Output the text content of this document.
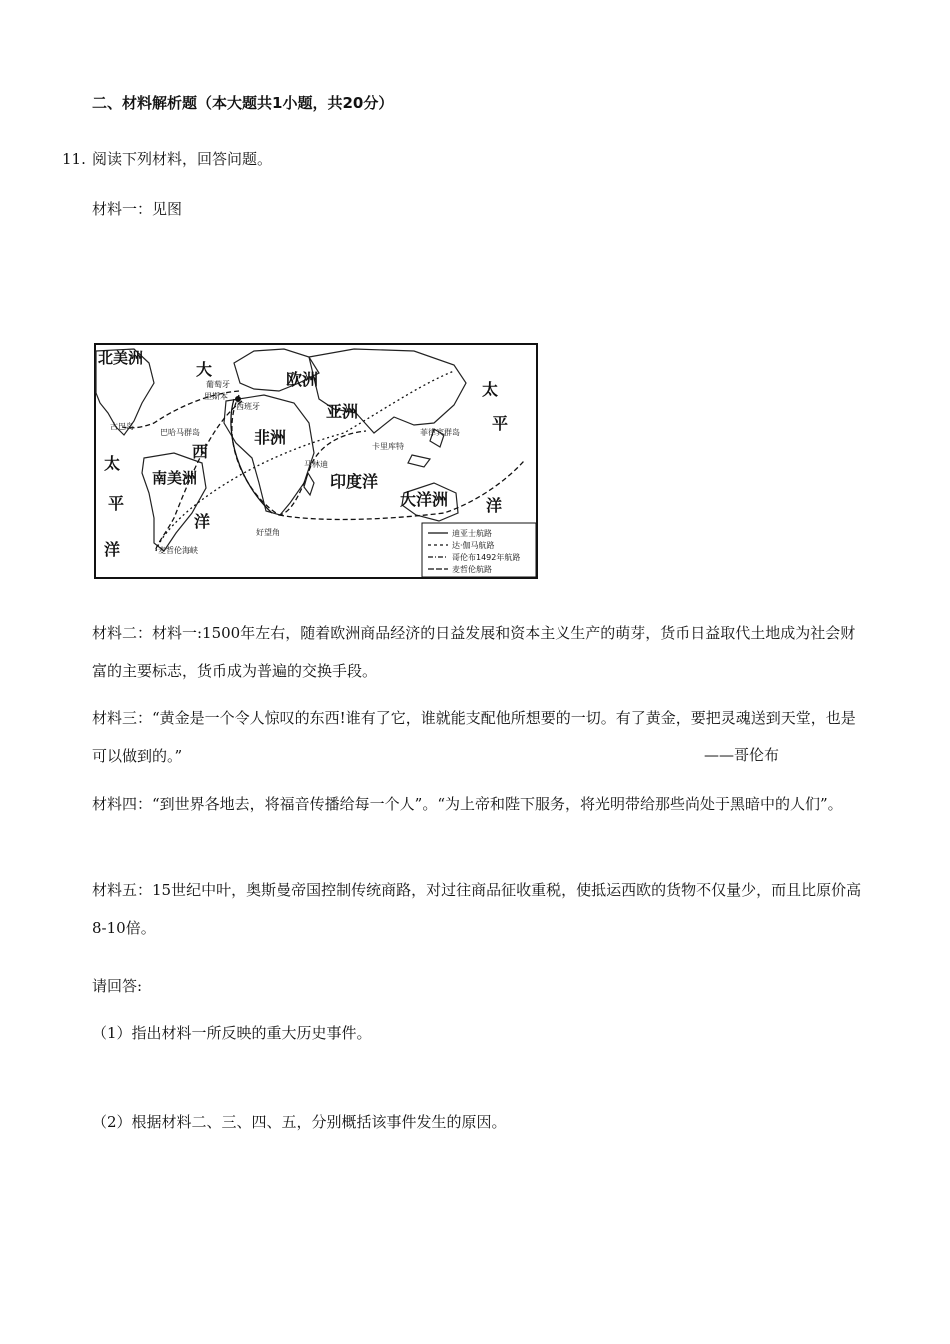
二、材料解析题（本大题共1小题，共20分）
11. 阅读下列材料，回答问题。
材料一：见图
北美洲
大
西
洋
欧洲
亚洲
非洲
南美洲	印度洋
大洋洲
太
平
洋
太
平
洋
葡萄牙
里斯本
西班牙
古巴岛
巴哈马群岛
卡里库特
菲律宾群岛
马林迪
好望角
麦哲伦海峡
迪亚士航路
达·伽马航路
哥伦布1492年航路
麦哲伦航路
材料二：材料一:1500年左右，随着欧洲商品经济的日益发展和资本主义生产的萌芽，货币日益取代土地成为社会财富的主要标志，货币成为普遍的交换手段。
材料三：“黄金是一个令人惊叹的东西!谁有了它，谁就能支配他所想要的一切。有了黄金，要把灵魂送到天堂，也是可以做到的。”	——哥伦布
材料四：“到世界各地去，将福音传播给每一个人”。“为上帝和陛下服务，将光明带给那些尚处于黑暗中的人们”。
材料五：15世纪中叶，奥斯曼帝国控制传统商路，对过往商品征收重税，使抵运西欧的货物不仅量少，而且比原价高8-10倍。
请回答:
（1）指出材料一所反映的重大历史事件。
（2）根据材料二、三、四、五，分别概括该事件发生的原因。
